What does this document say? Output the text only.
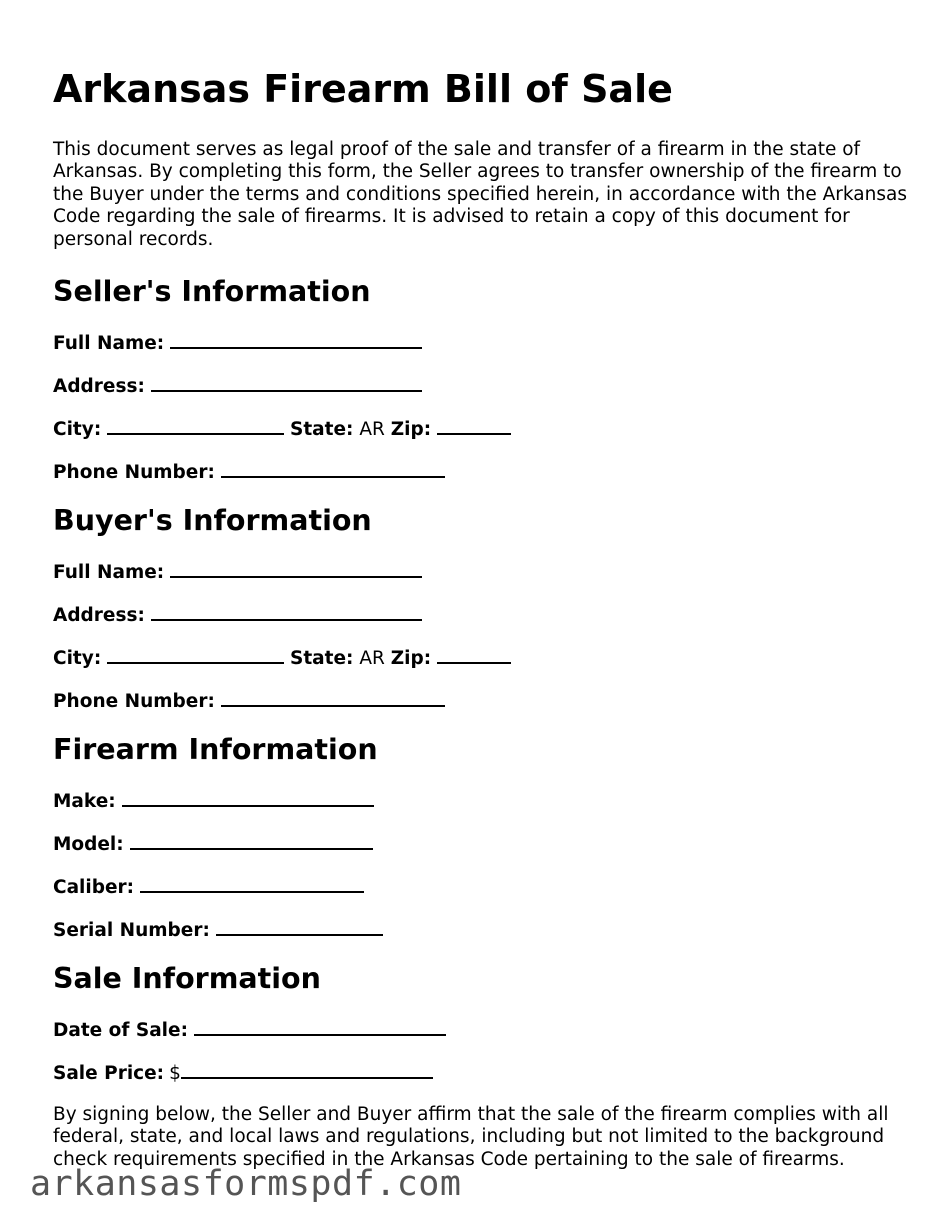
Arkansas Firearm Bill of Sale

This document serves as legal proof of the sale and transfer of a firearm in the state of Arkansas. By completing this form, the Seller agrees to transfer ownership of the firearm to the Buyer under the terms and conditions specified herein, in accordance with the Arkansas Code regarding the sale of firearms. It is advised to retain a copy of this document for personal records.

Seller's Information
Full Name:
Address:
City:	State: AR Zip:
Phone Number:
Buyer's Information
Full Name:
Address:
City:	State: AR Zip:
Phone Number:
Firearm Information
Make:
Model:
Caliber:
Serial Number:
Sale Information
Date of Sale:
Sale Price: $

By signing below, the Seller and Buyer affirm that the sale of the firearm complies with all federal, state, and local laws and regulations, including but not limited to the background check requirements specified in the Arkansas Code pertaining to the sale of firearms.

arkansasformspdf.com
